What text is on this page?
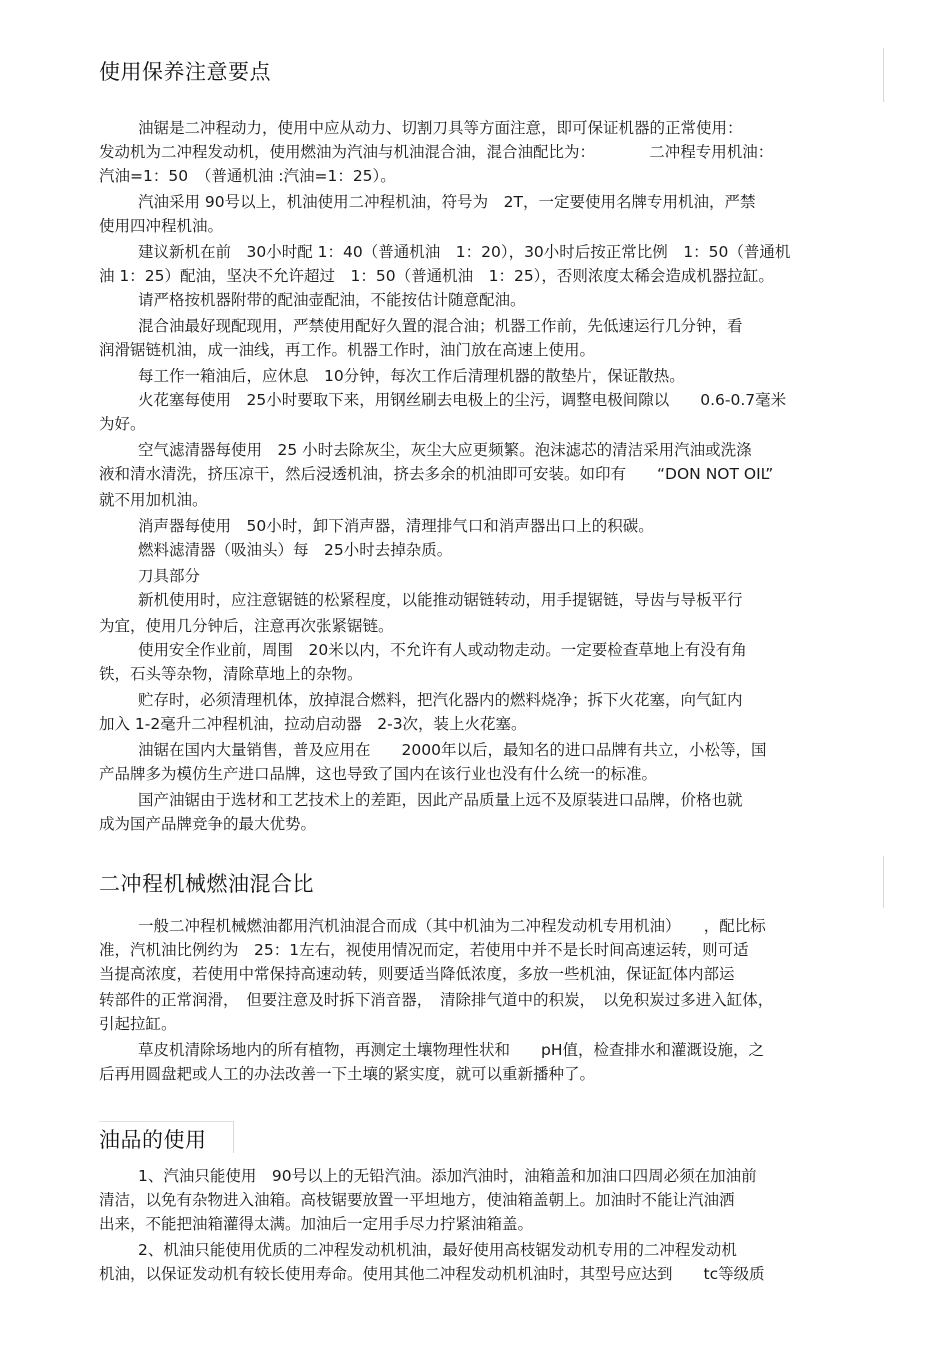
使用保养注意要点

油锯是二冲程动力，使用中应从动力、切割刀具等方面注意，即可保证机器的正常使用：

发动机为二冲程发动机，使用燃油为汽油与机油混合油，混合油配比为：　　　　二冲程专用机油：

汽油=1：50　（普通机油 :汽油=1：25）。

汽油采用 90号以上，机油使用二冲程机油，符号为　2T，一定要使用名牌专用机油，严禁

使用四冲程机油。

建议新机在前　30小时配 1：40（普通机油　1：20），30小时后按正常比例　1：50（普通机

油 1：25）配油，坚决不允许超过　1：50（普通机油　1：25），否则浓度太稀会造成机器拉缸。

请严格按机器附带的配油壶配油，不能按估计随意配油。

混合油最好现配现用，严禁使用配好久置的混合油；机器工作前，先低速运行几分钟，看

润滑锯链机油，成一油线，再工作。机器工作时，油门放在高速上使用。

每工作一箱油后，应休息　10分钟，每次工作后清理机器的散垫片，保证散热。

火花塞每使用　25小时要取下来，用钢丝刷去电极上的尘污，调整电极间隙以　　0.6-0.7毫米

为好。

空气滤清器每使用　25 小时去除灰尘，灰尘大应更频繁。泡沫滤芯的清洁采用汽油或洗涤

液和清水清洗，挤压凉干，然后浸透机油，挤去多余的机油即可安装。如印有　　“DON NOT OIL”

就不用加机油。

消声器每使用　50小时，卸下消声器，清理排气口和消声器出口上的积碳。

燃料滤清器（吸油头）每　25小时去掉杂质。

刀具部分

新机使用时，应注意锯链的松紧程度，以能推动锯链转动，用手提锯链，导齿与导板平行

为宜，使用几分钟后，注意再次张紧锯链。

使用安全作业前，周围　20米以内，不允许有人或动物走动。一定要检查草地上有没有角

铁，石头等杂物，清除草地上的杂物。

贮存时，必须清理机体，放掉混合燃料，把汽化器内的燃料烧净；拆下火花塞，向气缸内

加入 1-2毫升二冲程机油，拉动启动器　2-3次，装上火花塞。

油锯在国内大量销售，普及应用在　　2000年以后，最知名的进口品牌有共立，小松等，国

产品牌多为模仿生产进口品牌，这也导致了国内在该行业也没有什么统一的标准。

国产油锯由于选材和工艺技术上的差距，因此产品质量上远不及原装进口品牌，价格也就

成为国产品牌竞争的最大优势。

二冲程机械燃油混合比

一般二冲程机械燃油都用汽机油混合而成（其中机油为二冲程发动机专用机油）　　，配比标

准，汽机油比例约为　25：1左右，视使用情况而定，若使用中并不是长时间高速运转，则可适

当提高浓度，若使用中常保持高速动转，则要适当降低浓度，多放一些机油，保证缸体内部运

转部件的正常润滑，　但要注意及时拆下消音器，　清除排气道中的积炭，　以免积炭过多进入缸体，

引起拉缸。

草皮机清除场地内的所有植物，再测定土壤物理性状和　　pH值，检查排水和灌溉设施，之

后再用圆盘耙或人工的办法改善一下土壤的紧实度，就可以重新播种了。

油品的使用

1、汽油只能使用　90号以上的无铅汽油。添加汽油时，油箱盖和加油口四周必须在加油前

清洁，以免有杂物进入油箱。高枝锯要放置一平坦地方，使油箱盖朝上。加油时不能让汽油洒

出来，不能把油箱灌得太满。加油后一定用手尽力拧紧油箱盖。

2、机油只能使用优质的二冲程发动机机油，最好使用高枝锯发动机专用的二冲程发动机

机油，以保证发动机有较长使用寿命。使用其他二冲程发动机机油时，其型号应达到　　tc等级质
